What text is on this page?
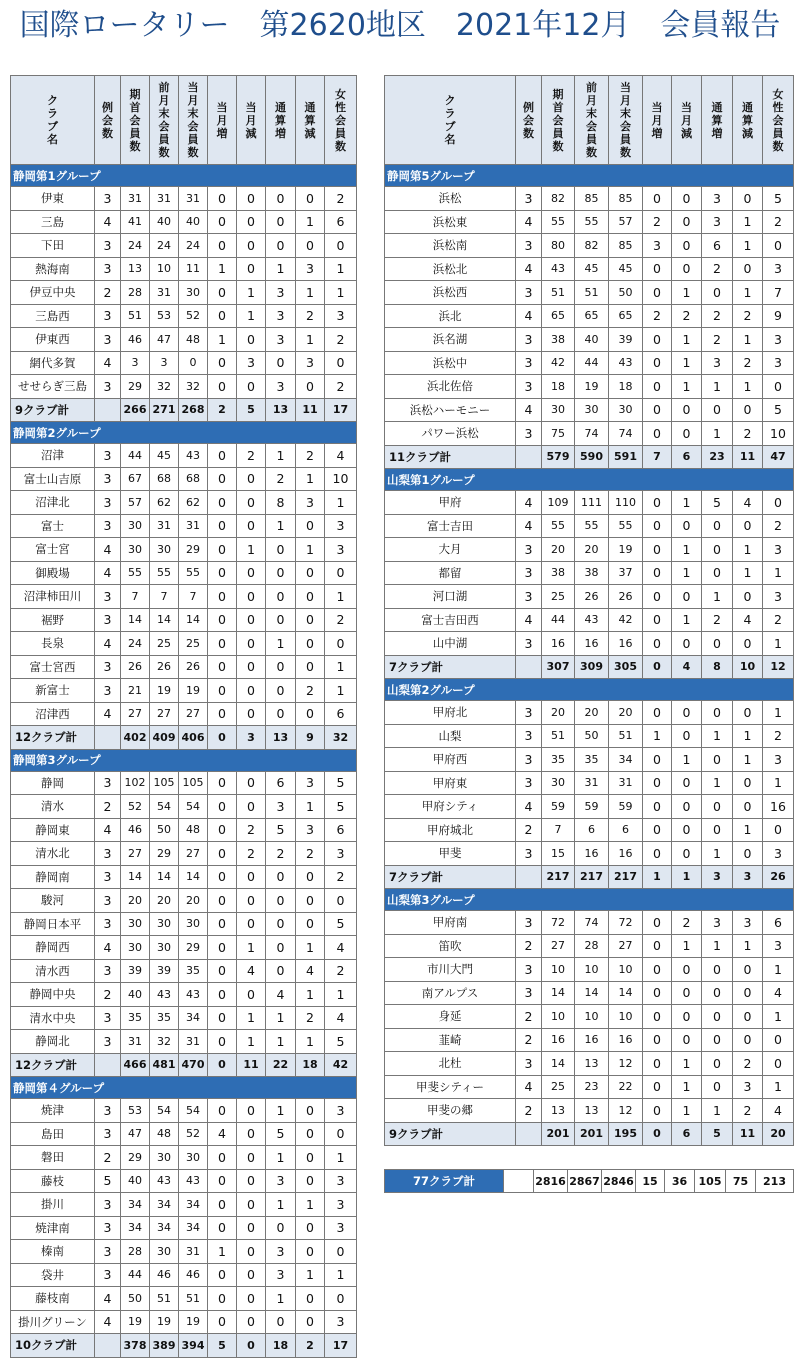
国際ロータリー　第2620地区　2021年12月　会員報告
クラブ名	例会数	期首会員数	前月末会員数	当月末会員数	当月増	当月減	通算増	通算減	女性会員数
静岡第1グループ									
伊東	3	31	31	31	0	0	0	0	2
三島	4	41	40	40	0	0	0	1	6
下田	3	24	24	24	0	0	0	0	0
熱海南	3	13	10	11	1	0	1	3	1
伊豆中央	2	28	31	30	0	1	3	1	1
三島西	3	51	53	52	0	1	3	2	3
伊東西	3	46	47	48	1	0	3	1	2
網代多賀	4	3	3	0	0	3	0	3	0
せせらぎ三島	3	29	32	32	0	0	3	0	2
9クラブ計		266	271	268	2	5	13	11	17
静岡第2グループ									
沼津	3	44	45	43	0	2	1	2	4
富士山吉原	3	67	68	68	0	0	2	1	10
沼津北	3	57	62	62	0	0	8	3	1
富士	3	30	31	31	0	0	1	0	3
富士宮	4	30	30	29	0	1	0	1	3
御殿場	4	55	55	55	0	0	0	0	0
沼津柿田川	3	7	7	7	0	0	0	0	1
裾野	3	14	14	14	0	0	0	0	2
長泉	4	24	25	25	0	0	1	0	0
富士宮西	3	26	26	26	0	0	0	0	1
新富士	3	21	19	19	0	0	0	2	1
沼津西	4	27	27	27	0	0	0	0	6
12クラブ計		402	409	406	0	3	13	9	32
静岡第3グループ									
静岡	3	102	105	105	0	0	6	3	5
清水	2	52	54	54	0	0	3	1	5
静岡東	4	46	50	48	0	2	5	3	6
清水北	3	27	29	27	0	2	2	2	3
静岡南	3	14	14	14	0	0	0	0	2
駿河	3	20	20	20	0	0	0	0	0
静岡日本平	3	30	30	30	0	0	0	0	5
静岡西	4	30	30	29	0	1	0	1	4
清水西	3	39	39	35	0	4	0	4	2
静岡中央	2	40	43	43	0	0	4	1	1
清水中央	3	35	35	34	0	1	1	2	4
静岡北	3	31	32	31	0	1	1	1	5
12クラブ計		466	481	470	0	11	22	18	42
静岡第４グループ									
焼津	3	53	54	54	0	0	1	0	3
島田	3	47	48	52	4	0	5	0	0
磐田	2	29	30	30	0	0	1	0	1
藤枝	5	40	43	43	0	0	3	0	3
掛川	3	34	34	34	0	0	1	1	3
焼津南	3	34	34	34	0	0	0	0	3
榛南	3	28	30	31	1	0	3	0	0
袋井	3	44	46	46	0	0	3	1	1
藤枝南	4	50	51	51	0	0	1	0	0
掛川グリーン	4	19	19	19	0	0	0	0	3
10クラブ計		378	389	394	5	0	18	2	17
クラブ名	例会数	期首会員数	前月末会員数	当月末会員数	当月増	当月減	通算増	通算減	女性会員数
静岡第5グループ									
浜松	3	82	85	85	0	0	3	0	5
浜松東	4	55	55	57	2	0	3	1	2
浜松南	3	80	82	85	3	0	6	1	0
浜松北	4	43	45	45	0	0	2	0	3
浜松西	3	51	51	50	0	1	0	1	7
浜北	4	65	65	65	2	2	2	2	9
浜名湖	3	38	40	39	0	1	2	1	3
浜松中	3	42	44	43	0	1	3	2	3
浜北佐倍	3	18	19	18	0	1	1	1	0
浜松ハーモニー	4	30	30	30	0	0	0	0	5
パワー浜松	3	75	74	74	0	0	1	2	10
11クラブ計		579	590	591	7	6	23	11	47
山梨第1グループ									
甲府	4	109	111	110	0	1	5	4	0
富士吉田	4	55	55	55	0	0	0	0	2
大月	3	20	20	19	0	1	0	1	3
都留	3	38	38	37	0	1	0	1	1
河口湖	3	25	26	26	0	0	1	0	3
富士吉田西	4	44	43	42	0	1	2	4	2
山中湖	3	16	16	16	0	0	0	0	1
7クラブ計		307	309	305	0	4	8	10	12
山梨第2グループ									
甲府北	3	20	20	20	0	0	0	0	1
山梨	3	51	50	51	1	0	1	1	2
甲府西	3	35	35	34	0	1	0	1	3
甲府東	3	30	31	31	0	0	1	0	1
甲府シティ	4	59	59	59	0	0	0	0	16
甲府城北	2	7	6	6	0	0	0	1	0
甲斐	3	15	16	16	0	0	1	0	3
7クラブ計		217	217	217	1	1	3	3	26
山梨第3グループ									
甲府南	3	72	74	72	0	2	3	3	6
笛吹	2	27	28	27	0	1	1	1	3
市川大門	3	10	10	10	0	0	0	0	1
南アルプス	3	14	14	14	0	0	0	0	4
身延	2	10	10	10	0	0	0	0	1
韮崎	2	16	16	16	0	0	0	0	0
北杜	3	14	13	12	0	1	0	2	0
甲斐シティー	4	25	23	22	0	1	0	3	1
甲斐の郷	2	13	13	12	0	1	1	2	4
9クラブ計		201	201	195	0	6	5	11	20
77クラブ計		2816	2867	2846	15	36	105	75	213
